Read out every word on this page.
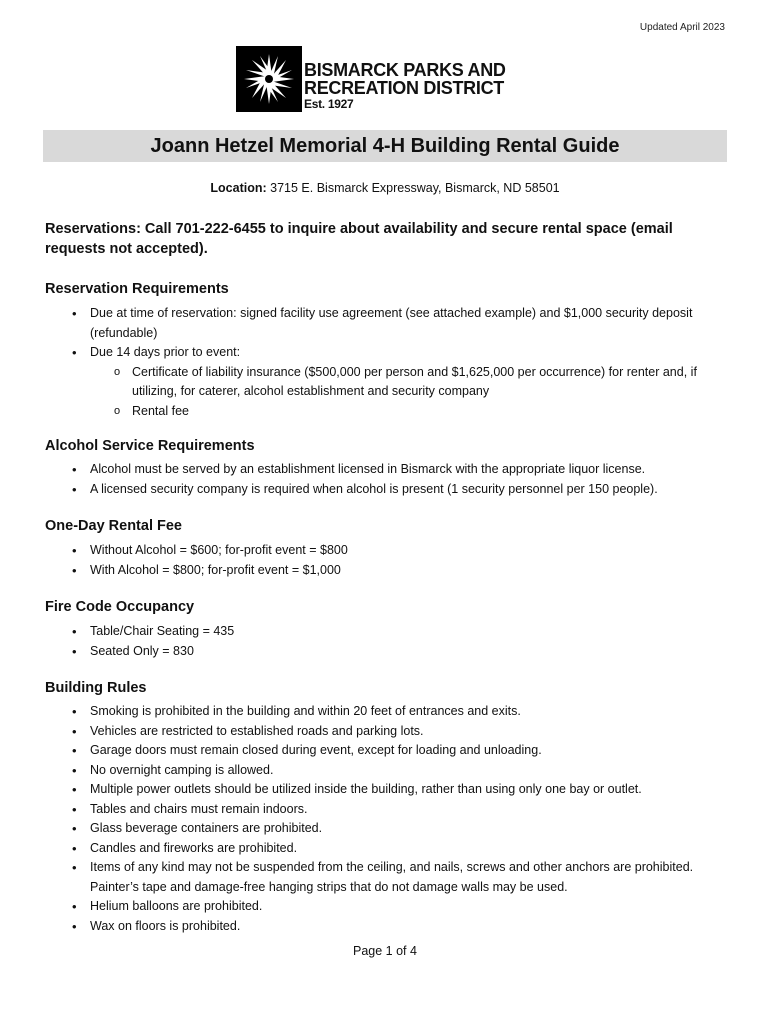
Updated April 2023
BISMARCK PARKS AND
RECREATION DISTRICT
Est. 1927
Joann Hetzel Memorial 4-H Building Rental Guide
Location: 3715 E. Bismarck Expressway, Bismarck, ND 58501
Reservations: Call 701-222-6455 to inquire about availability and secure rental space (email requests not accepted).
Reservation Requirements
• Due at time of reservation: signed facility use agreement (see attached example) and $1,000 security deposit (refundable)
• Due 14 days prior to event:
o Certificate of liability insurance ($500,000 per person and $1,625,000 per occurrence) for renter and, if utilizing, for caterer, alcohol establishment and security company
o Rental fee
Alcohol Service Requirements
• Alcohol must be served by an establishment licensed in Bismarck with the appropriate liquor license.
• A licensed security company is required when alcohol is present (1 security personnel per 150 people).
One-Day Rental Fee
• Without Alcohol = $600; for-profit event = $800
• With Alcohol = $800; for-profit event = $1,000
Fire Code Occupancy
• Table/Chair Seating = 435
• Seated Only = 830
Building Rules
• Smoking is prohibited in the building and within 20 feet of entrances and exits.
• Vehicles are restricted to established roads and parking lots.
• Garage doors must remain closed during event, except for loading and unloading.
• No overnight camping is allowed.
• Multiple power outlets should be utilized inside the building, rather than using only one bay or outlet.
• Tables and chairs must remain indoors.
• Glass beverage containers are prohibited.
• Candles and fireworks are prohibited.
• Items of any kind may not be suspended from the ceiling, and nails, screws and other anchors are prohibited. Painter’s tape and damage-free hanging strips that do not damage walls may be used.
• Helium balloons are prohibited.
• Wax on floors is prohibited.
Page 1 of 4
